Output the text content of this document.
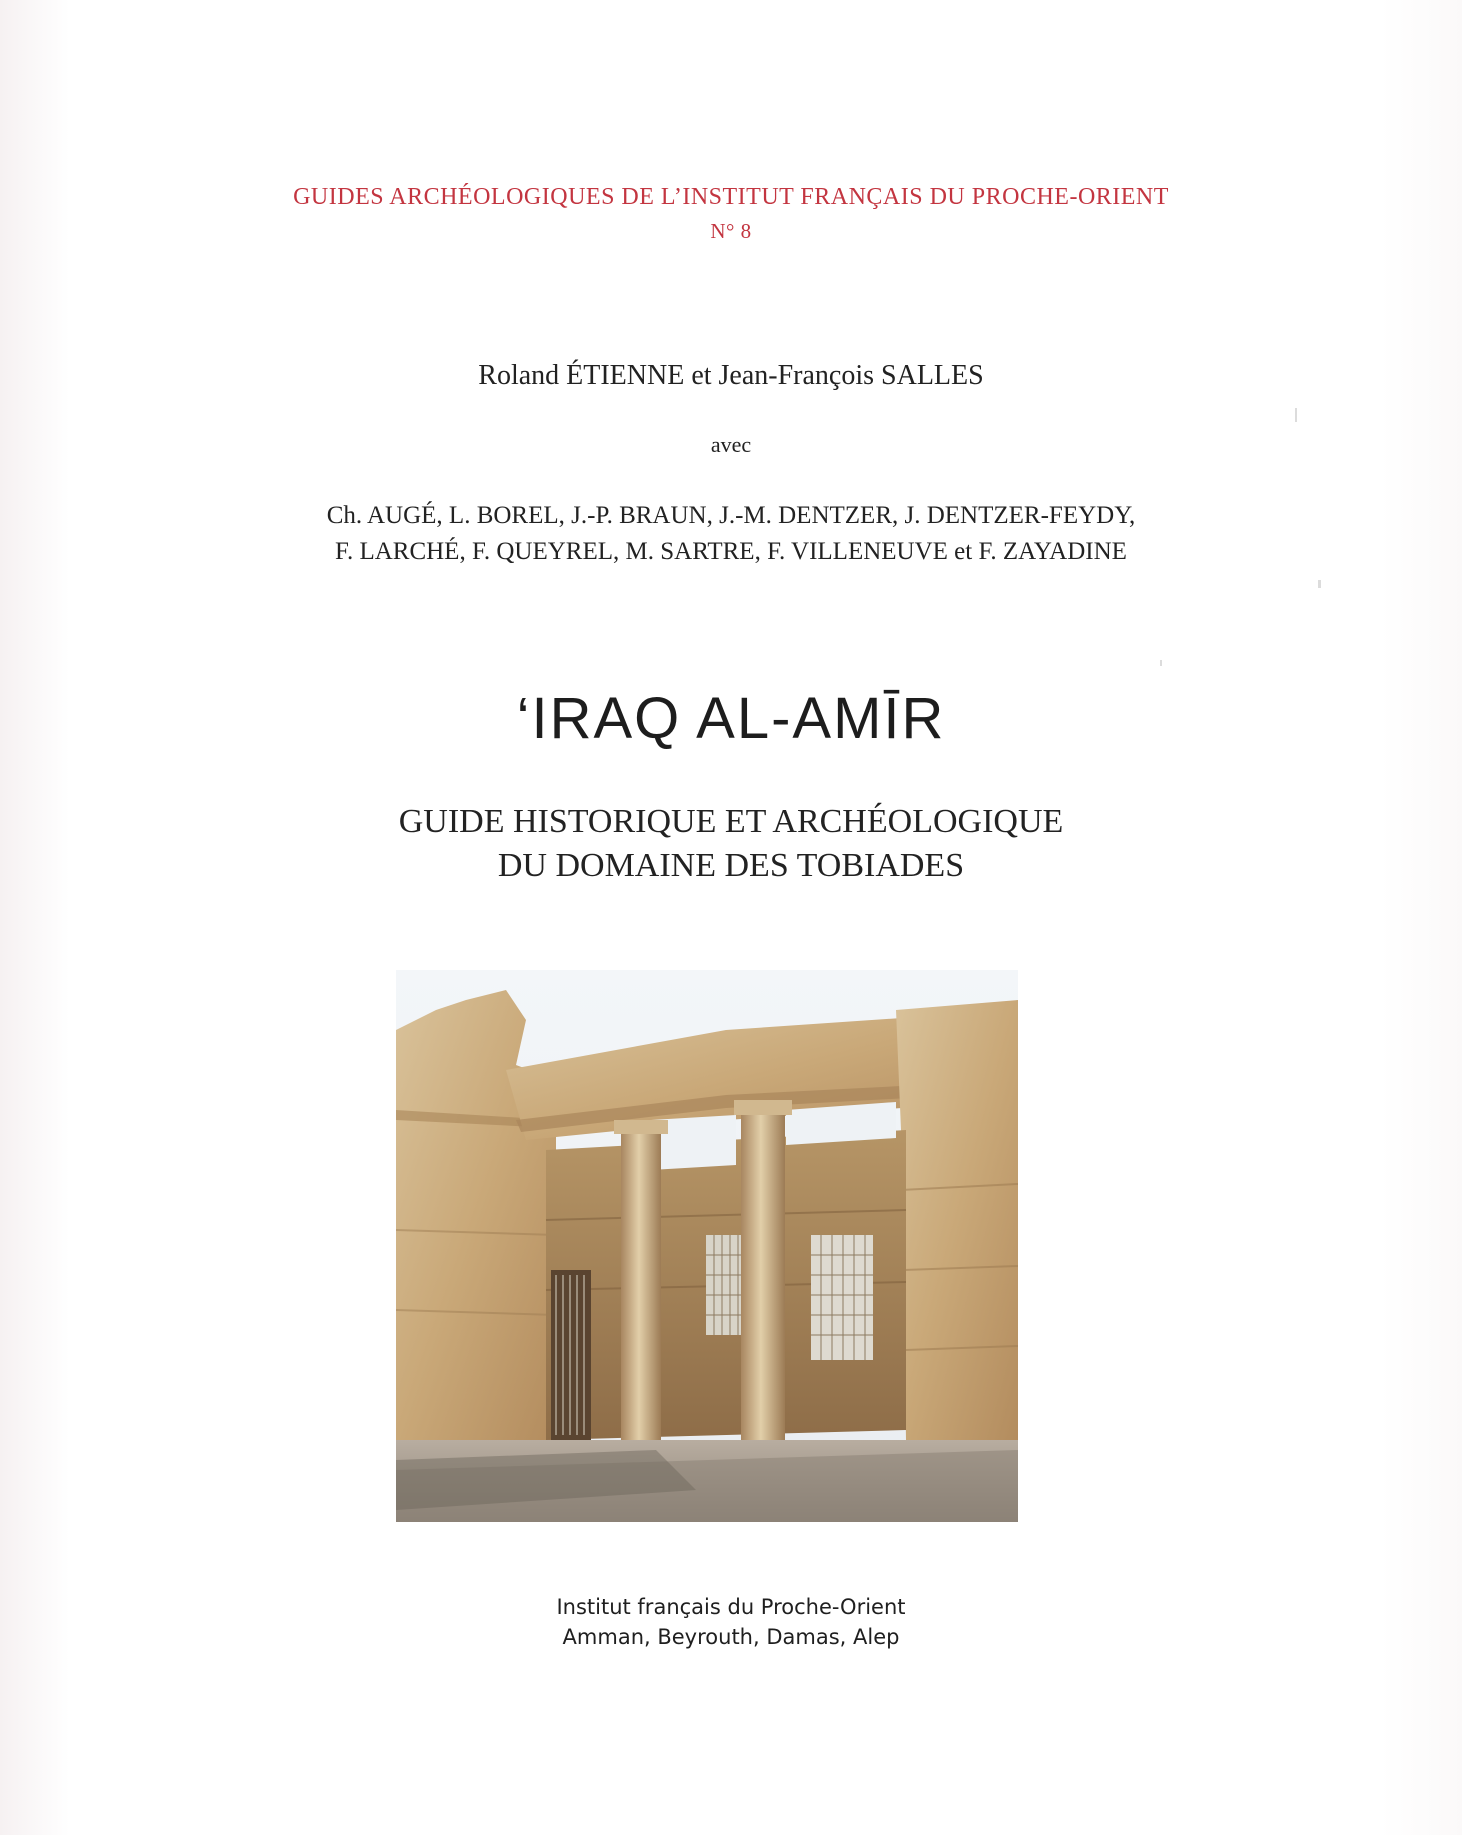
GUIDES ARCHÉOLOGIQUES DE L’INSTITUT FRANÇAIS DU PROCHE-ORIENT
N° 8
Roland ÉTIENNE et Jean-François SALLES
avec
Ch. AUGÉ, L. BOREL, J.-P. BRAUN, J.-M. DENTZER, J. DENTZER-FEYDY,
F. LARCHÉ, F. QUEYREL, M. SARTRE, F. VILLENEUVE et F. ZAYADINE
‘IRAQ AL-AMĪR
GUIDE HISTORIQUE ET ARCHÉOLOGIQUE
DU DOMAINE DES TOBIADES
Institut français du Proche-Orient
Amman, Beyrouth, Damas, Alep
